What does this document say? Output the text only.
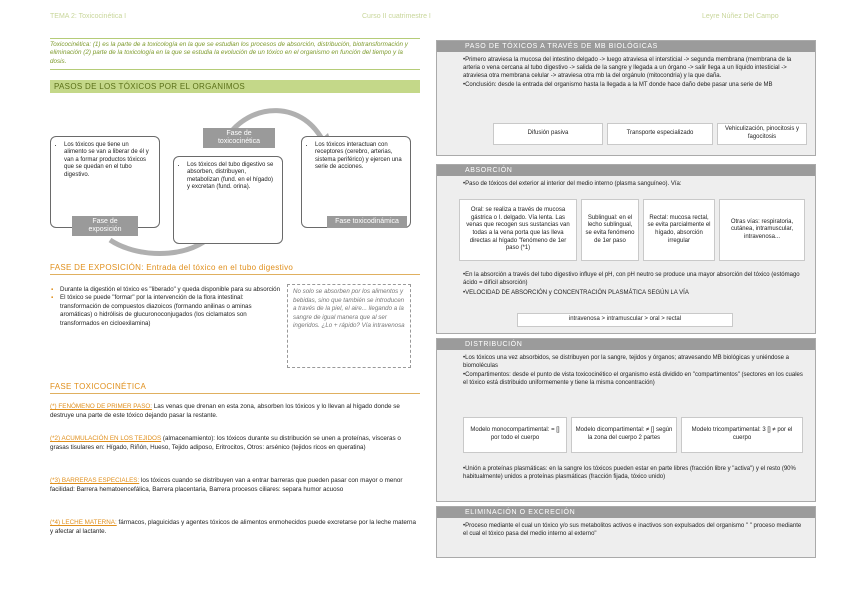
TEMA 2: Toxicocinética I	Curso II cuatrimestre I	Leyre Núñez Del Campo
Toxicocinética: (1) es la parte de a toxicología en la que se estudian los procesos de absorción, distribución, biotransformación y eliminación (2) parte de la toxicología en la que se estudia la evolución de un tóxico en el organismo en función del tiempo y la dosis.
PASOS DE LOS TÓXICOS POR EL ORGANIMOS
• Los tóxicos que tiene un alimento se van a liberar de él y van a formar productos tóxicos que se quedan en el tubo digestivo.
Fase de exposición
• Los tóxicos del tubo digestivo se absorben, distribuyen, metabolizan (fund. en el hígado) y excretan (fund. orina).
Fase de toxicocinética
•	Los tóxicos interactuan con receptores (cerebro, arterias, sistema periférico) y ejercen una serie de acciones.
Fase toxicodinámica
FASE DE EXPOSICIÓN: Entrada del tóxico en el tubo digestivo
▪ Durante la digestión el tóxico es "liberado" y queda disponible para su absorción
▪ El tóxico se puede "formar" por la intervención de la flora intestinal: transformación de compuestos diazoicos (formando anilinas o aminas aromáticas) o hidrólisis de glucuronoconjugados (los ciclamatos son transformados en cicloexilamina)
No solo se absorben por los alimentos y bebidas, sino que también se introducen a través de la piel, el aire... llegando a la sangre de igual manera que al ser ingeridos. ¿Lo + rápido? Vía intravenosa
FASE TOXICOCINÉTICA
(*) FENÓMENO DE PRIMER PASO: Las venas que drenan en esta zona, absorben los tóxicos y lo llevan al hígado donde se destruye una parte de este tóxico dejando pasar la restante.
(*2) ACUMULACIÓN EN LOS TEJIDOS (almacenamiento): los tóxicos durante su distribución se unen a proteínas, vísceras o grasas tisulares en: Hígado, Riñón, Hueso, Tejido adiposo, Eritrocitos, Otros: arsénico (tejidos ricos en queratina)
(*3) BARRERAS ESPECIALES: los tóxicos cuando se distribuyen van a entrar barreras que pueden pasar con mayor o menor facilidad: Barrera hematoencefálica, Barrera placentaria, Barrera procesos ciliares: separa humor acuoso
(*4) LECHE MATERNA: fármacos, plaguicidas y agentes tóxicos de alimentos enmohecidos puede excretarse por la leche materna y afectar al lactante.
PASO DE TÓXICOS A TRAVÉS DE MB BIOLÓGICAS
•Primero atraviesa la mucosa del intestino delgado -> luego atraviesa el intersticial -> segunda membrana (membrana de la arteria o vena cercana al tubo digestivo -> salida de la sangre y llegada a un órgano -> salir llega a un líquido intesticial -> atraviesa otra membrana celular -> atraviesa otra mb la del orgánulo (mitocondria) y la que daña.
•Conclusión: desde la entrada del organismo hasta la llegada a la MT donde hace daño debe pasar una serie de MB
Difusión pasiva	Transporte especializado
Vehiculización, pinocitosis y fagocitosis
ABSORCIÓN
•Paso de tóxicos del exterior al interior del medio interno (plasma sanguíneo). Vía:
Oral: se realiza a través de mucosa gástrica o I. delgado. Vía lenta. Las venas que recogen sus sustancias van todas a la vena porta que las lleva directas al hígado "fenómeno de 1er paso (*1)
Sublingual: en el lecho sublingual, se evita fenómeno de 1er paso
Rectal: mucosa rectal, se evita parcialmente el hígado, absorción irregular
Otras vías: respiratoria, cutánea, intramuscular, intravenosa...
•En la absorción a través del tubo digestivo influye el pH, con pH neutro se produce una mayor absorción del tóxico (estómago ácido = difícil absorción)
•VELOCIDAD DE ABSORCIÓN y CONCENTRACIÓN PLASMÁTICA SEGÚN LA VÍA
intravenosa > intramuscular > oral > rectal
DISTRIBUCIÓN
•Los tóxicos una vez absorbidos, se distribuyen por la sangre, tejidos y órganos; atravesando MB biológicas y uniéndose a biomoléculas
•Compartimentos: desde el punto de vista toxicocinético el organismo está dividido en "compartimentos" (sectores en los cuales el tóxico está distribuido uniformemente y tiene la misma concentración)
Modelo monocompartimental: = [] por todo el cuerpo
Modelo dicompartimental: ≠ [] según la zona del cuerpo 2 partes
Modelo tricompartimental: 3 [] ≠ por el cuerpo
•Unión a proteínas plasmáticas: en la sangre los tóxicos pueden estar en parte libres (fracción libre y "activa") y el resto (90% habitualmente) unidos a proteínas plasmáticas (fracción fijada, tóxico unido)
ELIMINACIÓN O EXCRECIÓN
•Proceso mediante el cual un tóxico y/o sus metabolitos activos e inactivos son expulsados del organismo " " proceso mediante el cual el tóxico pasa del medio interno al externo"
